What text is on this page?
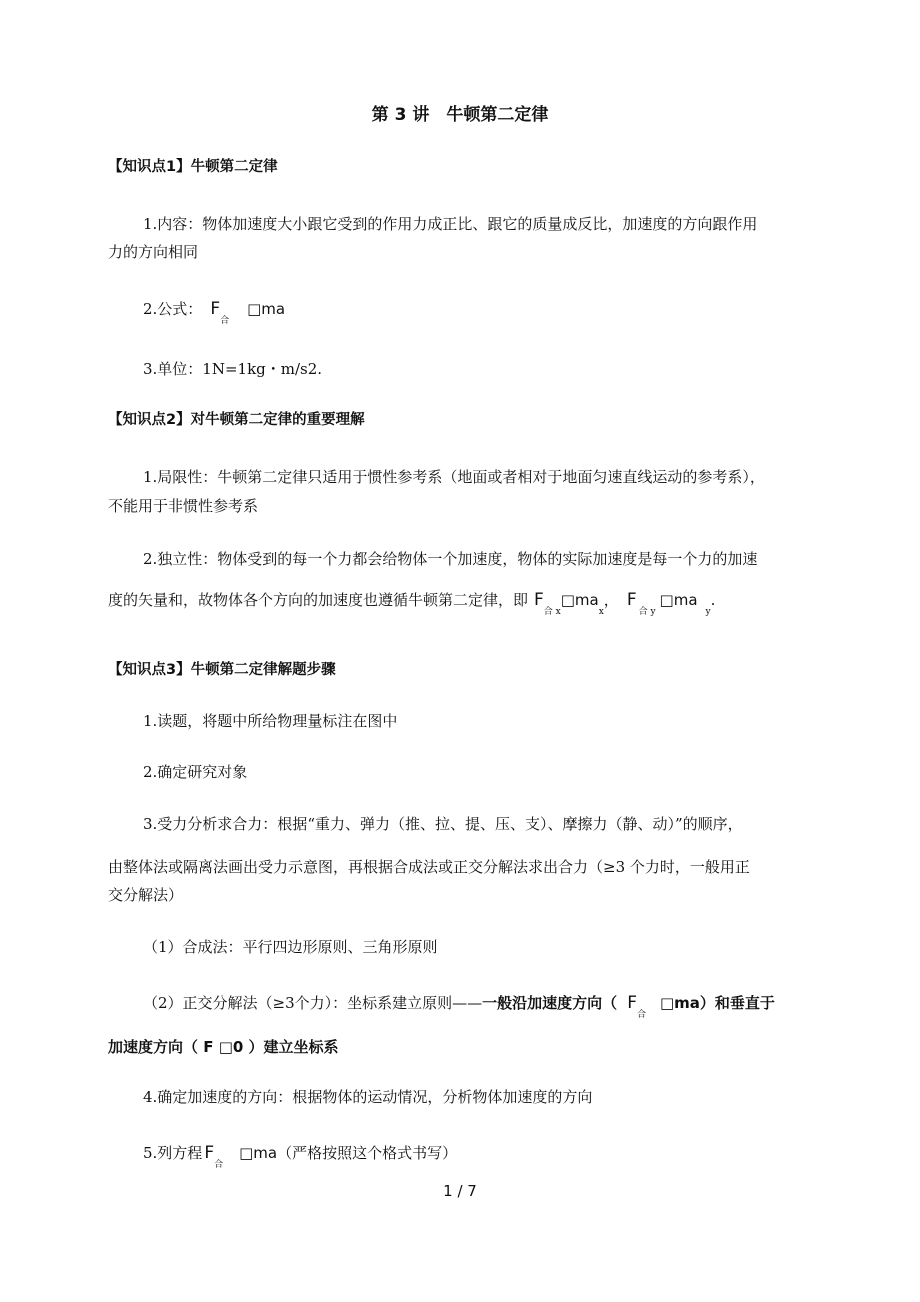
第 3 讲　牛顿第二定律
【知识点1】牛顿第二定律
1.内容：物体加速度大小跟它受到的作用力成正比、跟它的质量成反比，加速度的方向跟作用
力的方向相同
2.公式： $F_合□ma$
3.单位：1N=1kg・m/s2.
【知识点2】对牛顿第二定律的重要理解
1.局限性：牛顿第二定律只适用于惯性参考系（地面或者相对于地面匀速直线运动的参考系），
不能用于非惯性参考系
2.独立性：物体受到的每一个力都会给物体一个加速度，物体的实际加速度是每一个力的加速
度的矢量和，故物体各个方向的加速度也遵循牛顿第二定律，即 $F_{合 x}□ma_x$， $F_{合 y}□ma_y$.
【知识点3】牛顿第二定律解题步骤
1.读题，将题中所给物理量标注在图中
2.确定研究对象
3.受力分析求合力：根据“重力、弹力（推、拉、提、压、支）、摩擦力（静、动）”的顺序，
由整体法或隔离法画出受力示意图，再根据合成法或正交分解法求出合力（≥3 个力时，一般用正
交分解法）
（1）合成法：平行四边形原则、三角形原则
（2）正交分解法（≥3个力）：坐标系建立原则——一般沿加速度方向（ $F_合□ma$）和垂直于
加速度方向（ F □0 ）建立坐标系
4.确定加速度的方向：根据物体的运动情况，分析物体加速度的方向
5.列方程 $F_合□ma$（严格按照这个格式书写）
1 / 7
